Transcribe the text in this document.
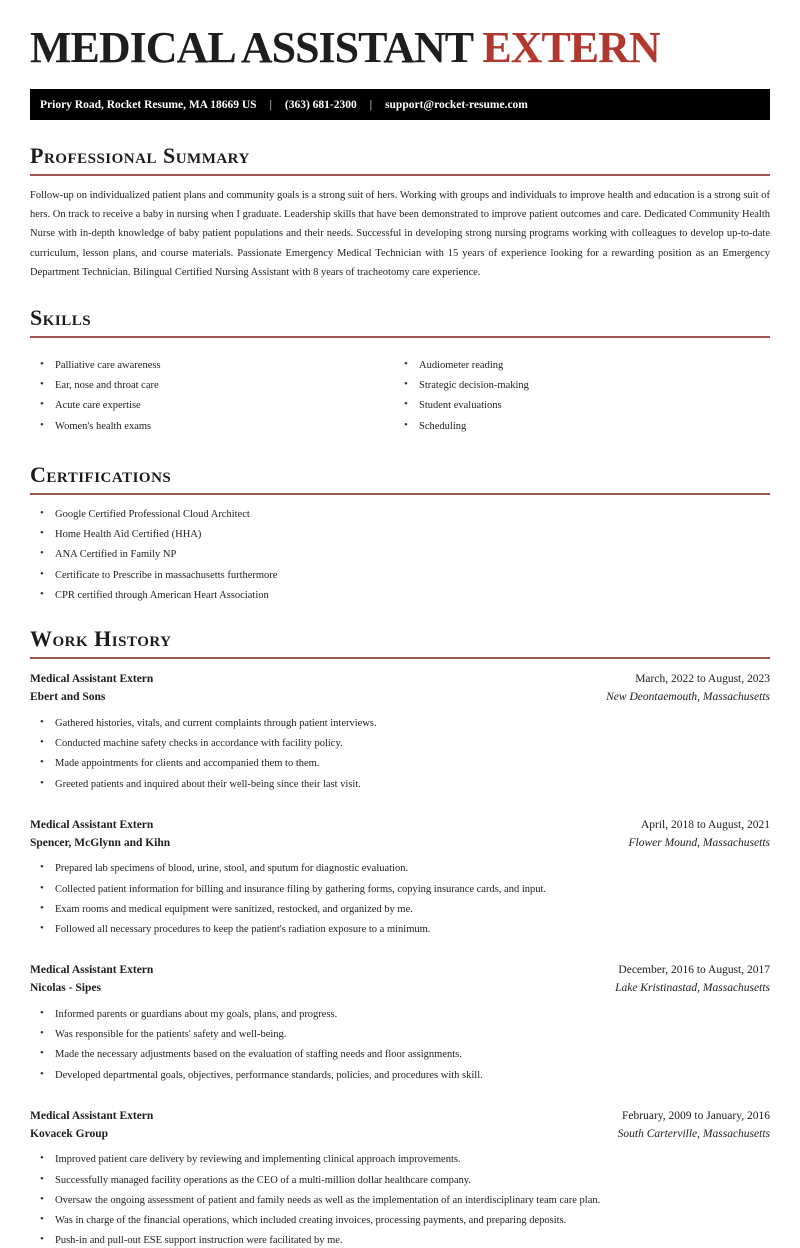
MEDICAL ASSISTANT EXTERN
Priory Road, Rocket Resume, MA 18669 US | (363) 681-2300 | support@rocket-resume.com
Professional Summary

Follow-up on individualized patient plans and community goals is a strong suit of hers. Working with groups and individuals to improve health and education is a strong suit of hers. On track to receive a baby in nursing when I graduate. Leadership skills that have been demonstrated to improve patient outcomes and care. Dedicated Community Health Nurse with in-depth knowledge of baby patient populations and their needs. Successful in developing strong nursing programs working with colleagues to develop up-to-date curriculum, lesson plans, and course materials. Passionate Emergency Medical Technician with 15 years of experience looking for a rewarding position as an Emergency Department Technician. Bilingual Certified Nursing Assistant with 8 years of tracheotomy care experience.

Skills
• Palliative care awareness
• Ear, nose and throat care
• Acute care expertise
• Women's health exams
• Audiometer reading
• Strategic decision-making
• Student evaluations
• Scheduling
Certifications
• Google Certified Professional Cloud Architect
• Home Health Aid Certified (HHA)
• ANA Certified in Family NP
• Certificate to Prescribe in massachusetts furthermore
• CPR certified through American Heart Association
Work History
Medical Assistant Extern	March, 2022 to August, 2023
Ebert and Sons	New Deontaemouth, Massachusetts
• Gathered histories, vitals, and current complaints through patient interviews.
• Conducted machine safety checks in accordance with facility policy.
• Made appointments for clients and accompanied them to them.
• Greeted patients and inquired about their well-being since their last visit.
Medical Assistant Extern	April, 2018 to August, 2021
Spencer, McGlynn and Kihn	Flower Mound, Massachusetts
• Prepared lab specimens of blood, urine, stool, and sputum for diagnostic evaluation.
• Collected patient information for billing and insurance filing by gathering forms, copying insurance cards, and input.
• Exam rooms and medical equipment were sanitized, restocked, and organized by me.
• Followed all necessary procedures to keep the patient's radiation exposure to a minimum.
Medical Assistant Extern	December, 2016 to August, 2017
Nicolas - Sipes	Lake Kristinastad, Massachusetts
• Informed parents or guardians about my goals, plans, and progress.
• Was responsible for the patients' safety and well-being.
• Made the necessary adjustments based on the evaluation of staffing needs and floor assignments.
• Developed departmental goals, objectives, performance standards, policies, and procedures with skill.
Medical Assistant Extern	February, 2009 to January, 2016
Kovacek Group	South Carterville, Massachusetts
• Improved patient care delivery by reviewing and implementing clinical approach improvements.
• Successfully managed facility operations as the CEO of a multi-million dollar healthcare company.
• Oversaw the ongoing assessment of patient and family needs as well as the implementation of an interdisciplinary team care plan.
• Was in charge of the financial operations, which included creating invoices, processing payments, and preparing deposits.
• Push-in and pull-out ESE support instruction were facilitated by me.
